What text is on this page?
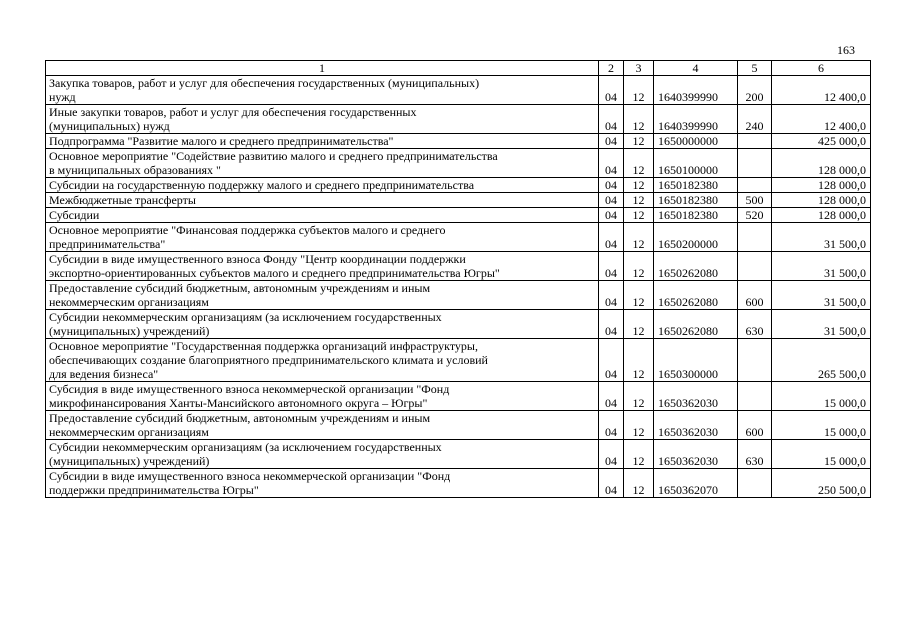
163
1	2	3	4	5	6
Закупка товаров, работ и услуг для обеспечения государственных (муниципальных)
нужд	04	12	1640399990	200	12 400,0
Иные закупки товаров, работ и услуг для обеспечения государственных
(муниципальных) нужд	04	12	1640399990	240	12 400,0
Подпрограмма "Развитие малого и среднего предпринимательства"	04	12	1650000000		425 000,0
Основное мероприятие "Содействие развитию малого и среднего предпринимательства
в муниципальных образованиях "	04	12	1650100000		128 000,0
Субсидии на государственную поддержку малого и среднего предпринимательства	04	12	1650182380		128 000,0
Межбюджетные трансферты	04	12	1650182380	500	128 000,0
Субсидии	04	12	1650182380	520	128 000,0
Основное мероприятие "Финансовая поддержка субъектов малого и среднего
предпринимательства"	04	12	1650200000		31 500,0
Субсидии в виде имущественного взноса Фонду "Центр координации поддержки
экспортно-ориентированных субъектов малого и среднего предпринимательства Югры"	04	12	1650262080		31 500,0
Предоставление субсидий бюджетным, автономным учреждениям и иным
некоммерческим организациям	04	12	1650262080	600	31 500,0
Субсидии некоммерческим организациям (за исключением государственных
(муниципальных) учреждений)	04	12	1650262080	630	31 500,0
Основное мероприятие "Государственная поддержка организаций инфраструктуры,
обеспечивающих создание благоприятного предпринимательского климата и условий
для ведения бизнеса"	04	12	1650300000		265 500,0
Субсидия в виде имущественного взноса некоммерческой организации "Фонд
микрофинансирования Ханты-Мансийского автономного округа – Югры"	04	12	1650362030		15 000,0
Предоставление субсидий бюджетным, автономным учреждениям и иным
некоммерческим организациям	04	12	1650362030	600	15 000,0
Субсидии некоммерческим организациям (за исключением государственных
(муниципальных) учреждений)	04	12	1650362030	630	15 000,0
Субсидии в виде имущественного взноса некоммерческой организации "Фонд
поддержки предпринимательства Югры"	04	12	1650362070		250 500,0
